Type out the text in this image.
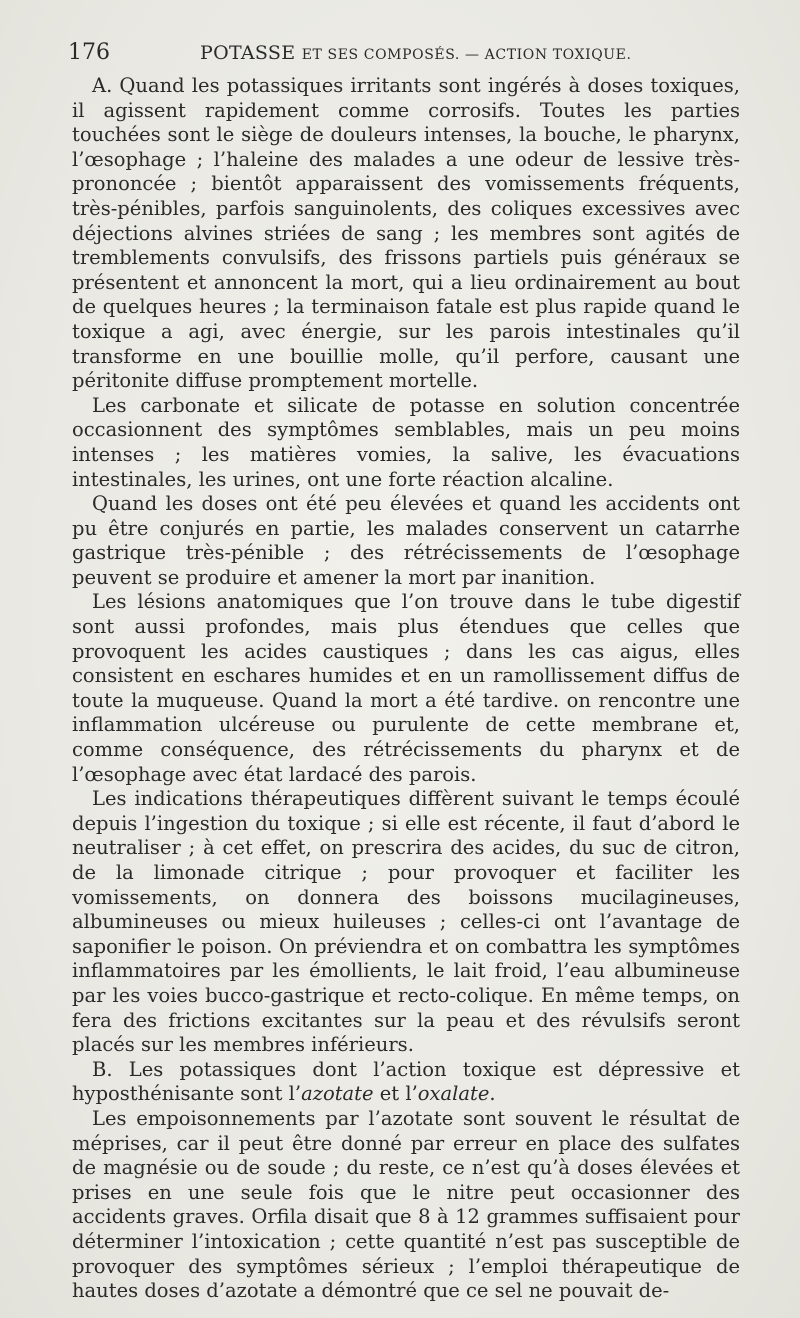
176	POTASSE ET SES COMPOSÉS. — ACTION TOXIQUE.

A. Quand les potassiques irritants sont ingérés à doses toxiques, il agissent rapidement comme corrosifs. Toutes les parties touchées sont le siège de douleurs intenses, la bouche, le pharynx, l’œsophage ; l’haleine des malades a une odeur de lessive très-prononcée ; bientôt apparaissent des vomissements fréquents, très-pénibles, parfois sanguinolents, des coliques excessives avec déjections alvines striées de sang ; les membres sont agités de tremblements convulsifs, des frissons partiels puis généraux se présentent et annoncent la mort, qui a lieu ordinairement au bout de quelques heures ; la terminaison fatale est plus rapide quand le toxique a agi, avec énergie, sur les parois intestinales qu’il transforme en une bouillie molle, qu’il perfore, causant une péritonite diffuse promptement mortelle.

Les carbonate et silicate de potasse en solution concentrée occasionnent des symptômes semblables, mais un peu moins intenses ; les matières vomies, la salive, les évacuations intestinales, les urines, ont une forte réaction alcaline.

Quand les doses ont été peu élevées et quand les accidents ont pu être conjurés en partie, les malades conservent un catarrhe gastrique très-pénible ; des rétrécissements de l’œsophage peuvent se produire et amener la mort par inanition.

Les lésions anatomiques que l’on trouve dans le tube digestif sont aussi profondes, mais plus étendues que celles que provoquent les acides caustiques ; dans les cas aigus, elles consistent en eschares humides et en un ramollissement diffus de toute la muqueuse. Quand la mort a été tardive. on rencontre une inflammation ulcéreuse ou purulente de cette membrane et, comme conséquence, des rétrécissements du pharynx et de l’œsophage avec état lardacé des parois.

Les indications thérapeutiques diffèrent suivant le temps écoulé depuis l’ingestion du toxique ; si elle est récente, il faut d’abord le neutraliser ; à cet effet, on prescrira des acides, du suc de citron, de la limonade citrique ; pour provoquer et faciliter les vomissements, on donnera des boissons mucilagineuses, albumineuses ou mieux huileuses ; celles-ci ont l’avantage de saponifier le poison. On préviendra et on combattra les symptômes inflammatoires par les émollients, le lait froid, l’eau albumineuse par les voies bucco-gastrique et recto-colique. En même temps, on fera des frictions excitantes sur la peau et des révulsifs seront placés sur les membres inférieurs.

B. Les potassiques dont l’action toxique est dépressive et hyposthénisante sont l’azotate et l’oxalate.

Les empoisonnements par l’azotate sont souvent le résultat de méprises, car il peut être donné par erreur en place des sulfates de magnésie ou de soude ; du reste, ce n’est qu’à doses élevées et prises en une seule fois que le nitre peut occasionner des accidents graves. Orfila disait que 8 à 12 grammes suffisaient pour déterminer l’intoxication ; cette quantité n’est pas susceptible de provoquer des symptômes sérieux ; l’emploi thérapeutique de hautes doses d’azotate a démontré que ce sel ne pouvait de-
